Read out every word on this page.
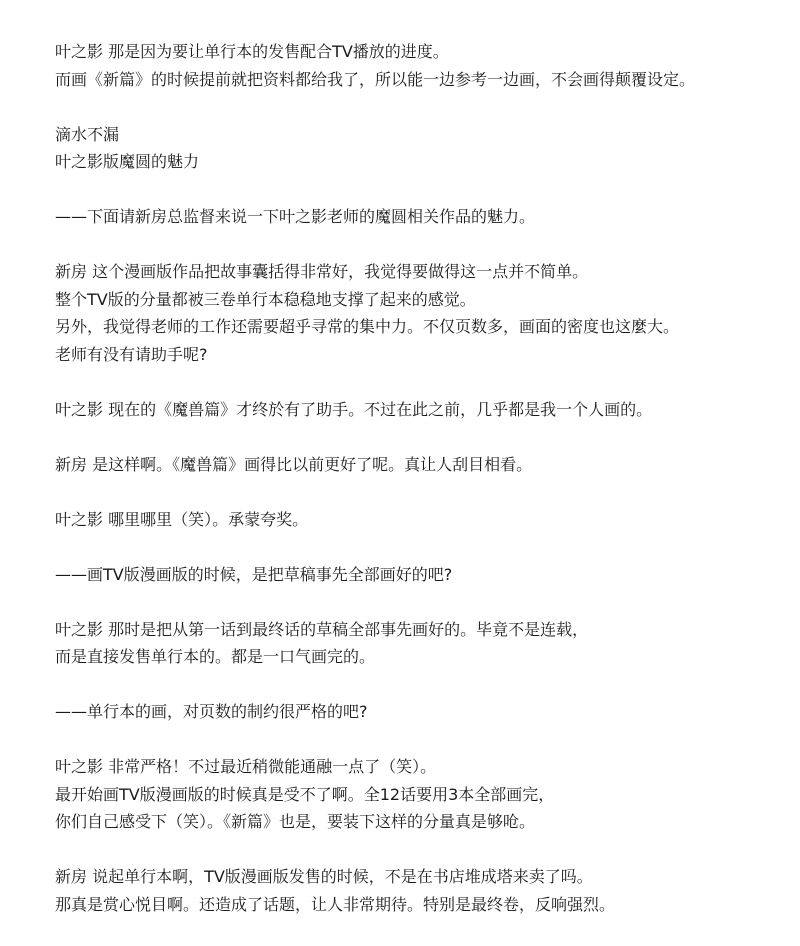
叶之影 那是因为要让单行本的发售配合TV播放的进度。
而画《新篇》的时候提前就把资料都给我了，所以能一边参考一边画，不会画得颠覆设定。
滴水不漏
叶之影版魔圆的魅力
——下面请新房总监督来说一下叶之影老师的魔圆相关作品的魅力。
新房 这个漫画版作品把故事囊括得非常好，我觉得要做得这一点并不简单。
整个TV版的分量都被三卷单行本稳稳地支撑了起来的感觉。
另外，我觉得老师的工作还需要超乎寻常的集中力。不仅页数多，画面的密度也这麼大。
老师有没有请助手呢?
叶之影 现在的《魔兽篇》才终於有了助手。不过在此之前，几乎都是我一个人画的。
新房 是这样啊。《魔兽篇》画得比以前更好了呢。真让人刮目相看。
叶之影 哪里哪里（笑）。承蒙夸奖。
——画TV版漫画版的时候，是把草稿事先全部画好的吧?
叶之影 那时是把从第一话到最终话的草稿全部事先画好的。毕竟不是连载，
而是直接发售单行本的。都是一口气画完的。
——单行本的画，对页数的制约很严格的吧?
叶之影 非常严格！不过最近稍微能通融一点了（笑）。
最开始画TV版漫画版的时候真是受不了啊。全12话要用3本全部画完，
你们自己感受下（笑）。《新篇》也是，要装下这样的分量真是够呛。
新房 说起单行本啊，TV版漫画版发售的时候，不是在书店堆成塔来卖了吗。
那真是赏心悦目啊。还造成了话题，让人非常期待。特别是最终卷，反响强烈。
